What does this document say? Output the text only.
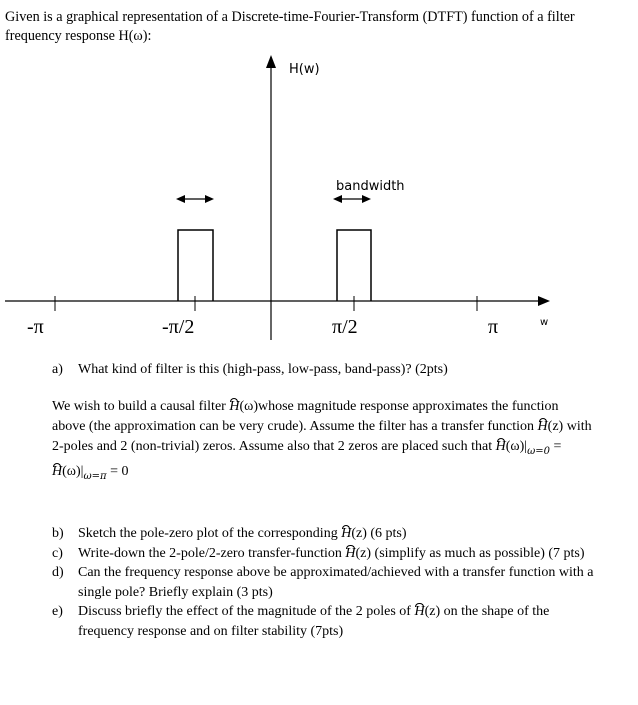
Given is a graphical representation of a Discrete-time-Fourier-Transform (DTFT) function of a filter
frequency response H(ω):
H(w)
bandwidth
w
-π	-π/2	π/2	π
a)	What kind of filter is this (high-pass, low-pass, band-pass)? (2pts)
We wish to build a causal filter H(ω)whose magnitude response approximates the function
above (the approximation can be very crude). Assume the filter has a transfer function H(z) with
2-poles and 2 (non-trivial) zeros. Assume also that 2 zeros are placed such that $H(\omega)|_{\omega=0}$ =
$H(\omega)|_{\omega=\pi} = 0$
b)	Sketch the pole-zero plot of the corresponding H(z) (6 pts)
c)	Write-down the 2-pole/2-zero transfer-function H(z) (simplify as much as possible) (7 pts)
d)	Can the frequency response above be approximated/achieved with a transfer function with a
single pole? Briefly explain (3 pts)
e)	Discuss briefly the effect of the magnitude of the 2 poles of H(z) on the shape of the
frequency response and on filter stability (7pts)
